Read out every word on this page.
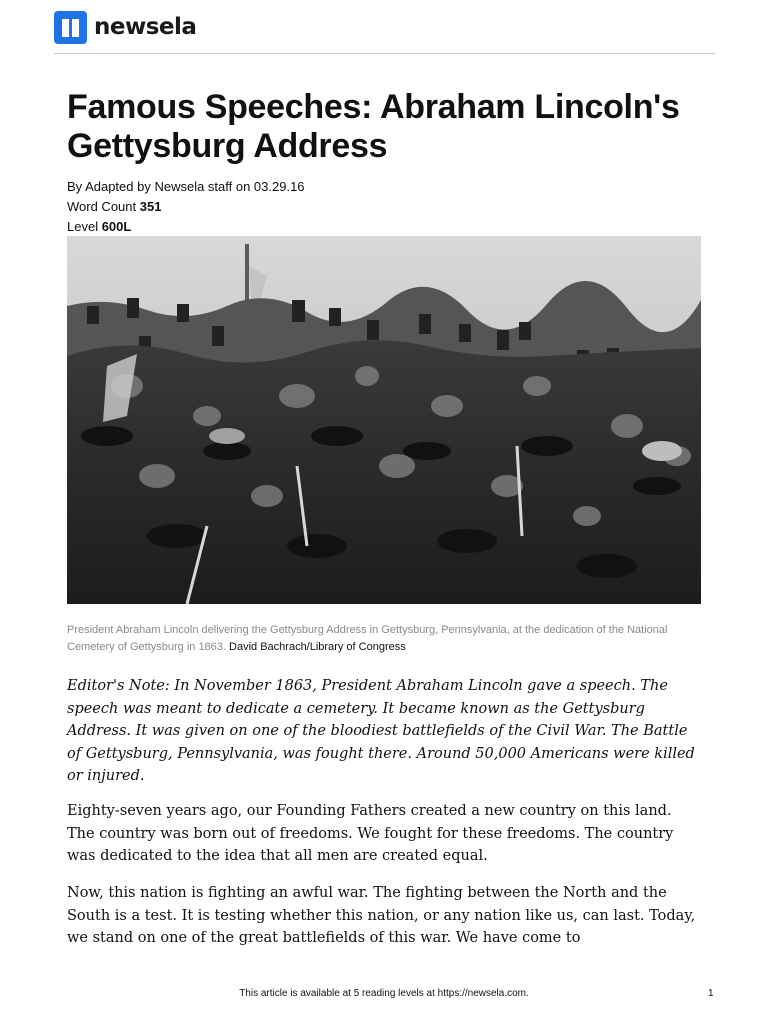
newsela
Famous Speeches: Abraham Lincoln's Gettysburg Address
By Adapted by Newsela staff on 03.29.16
Word Count 351
Level 600L
President Abraham Lincoln delivering the Gettysburg Address in Gettysburg, Pennsylvania, at the dedication of the National Cemetery of Gettysburg in 1863. David Bachrach/Library of Congress

Editor's Note: In November 1863, President Abraham Lincoln gave a speech. The speech was meant to dedicate a cemetery. It became known as the Gettysburg Address. It was given on one of the bloodiest battlefields of the Civil War. The Battle of Gettysburg, Pennsylvania, was fought there. Around 50,000 Americans were killed or injured.

Eighty-seven years ago, our Founding Fathers created a new country on this land. The country was born out of freedoms. We fought for these freedoms. The country was dedicated to the idea that all men are created equal.

Now, this nation is fighting an awful war. The fighting between the North and the South is a test. It is testing whether this nation, or any nation like us, can last. Today, we stand on one of the great battlefields of this war. We have come to

This article is available at 5 reading levels at https://newsela.com.	1
